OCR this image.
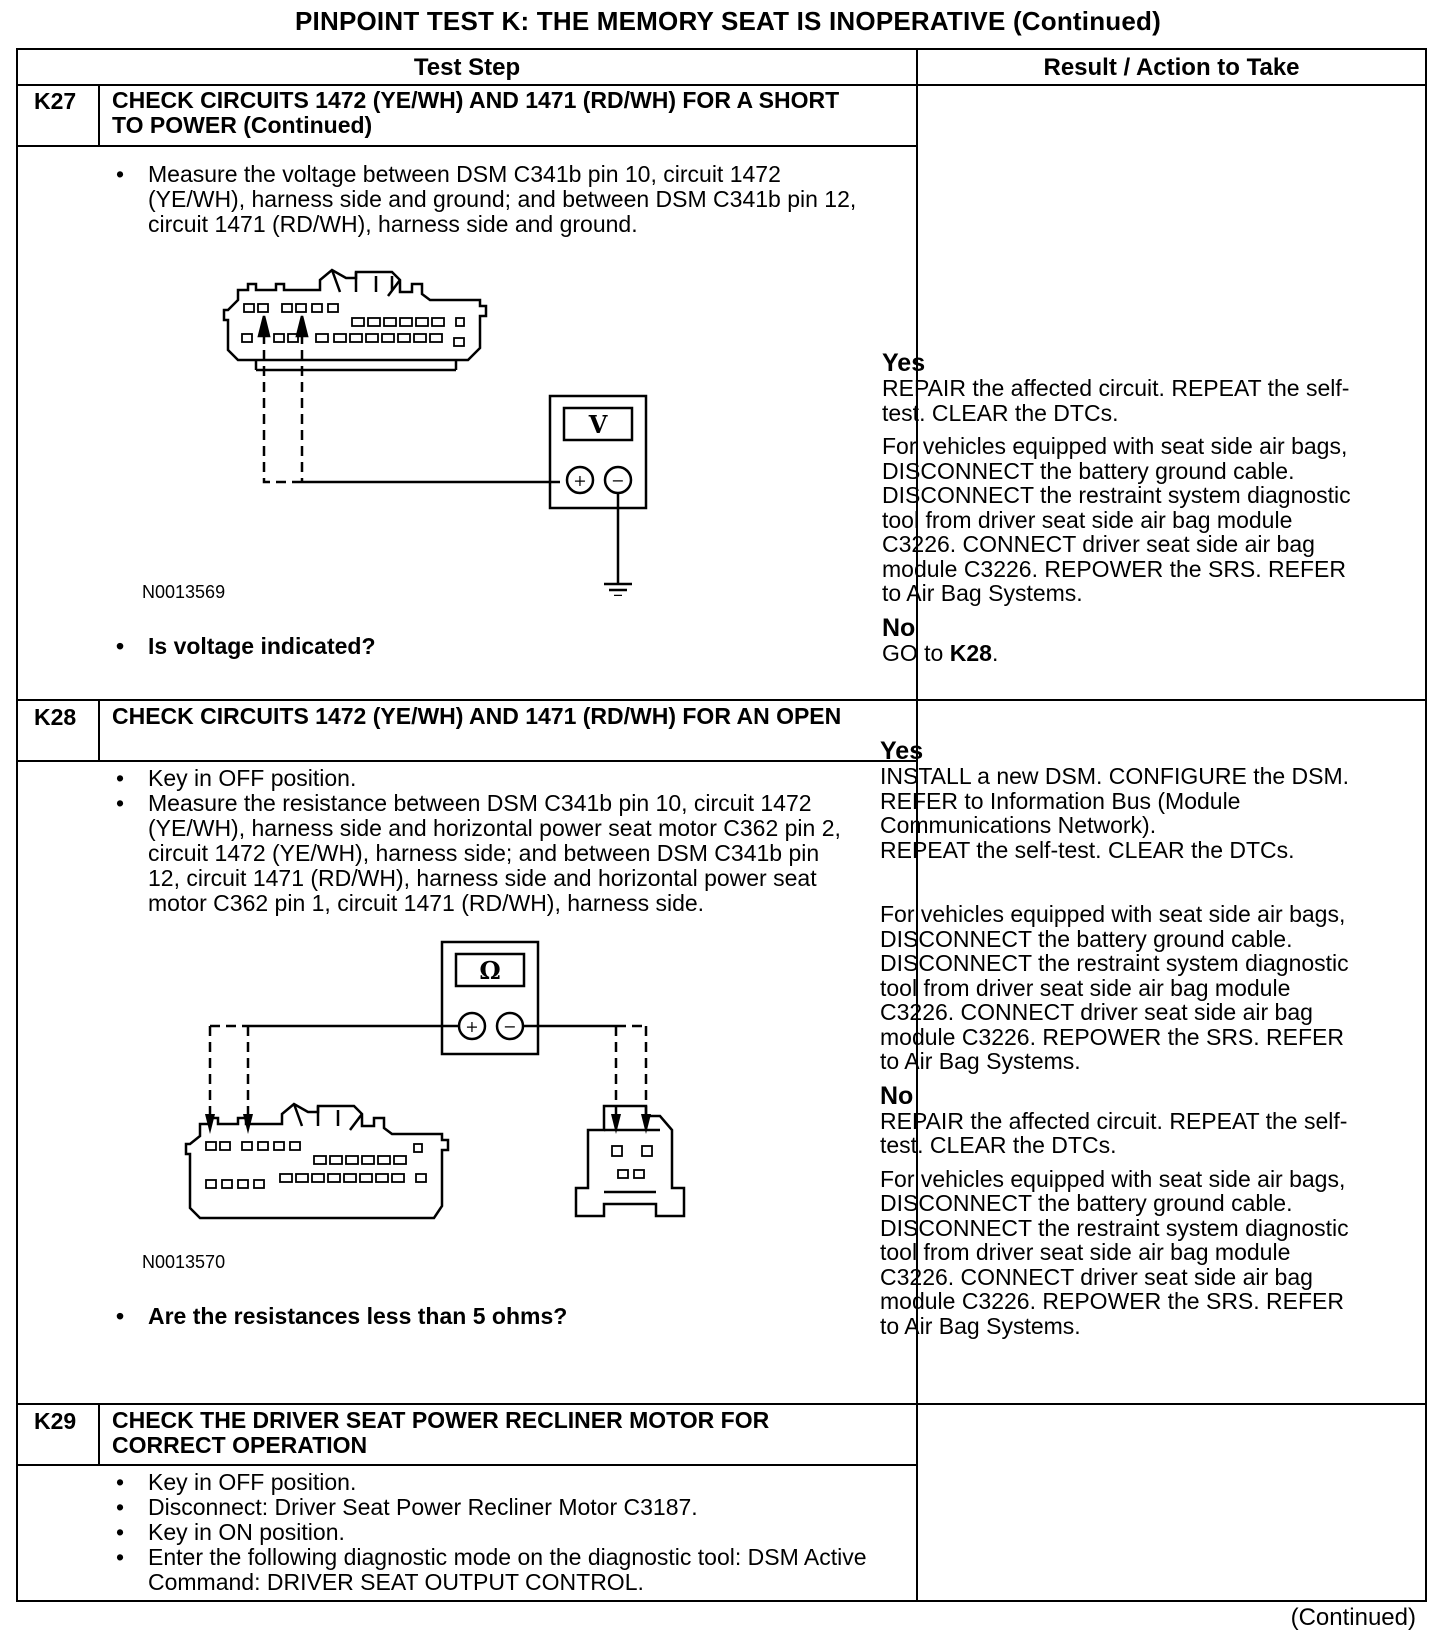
PINPOINT TEST K: THE MEMORY SEAT IS INOPERATIVE (Continued)
Test Step	Result / Action to Take
K27 CHECK CIRCUITS 1472 (YE/WH) AND 1471 (RD/WH) FOR A SHORT TO POWER (Continued)
• Measure the voltage between DSM C341b pin 10, circuit 1472 (YE/WH), harness side and ground; and between DSM C341b pin 12, circuit 1471 (RD/WH), harness side and ground.
V
+ −
N0013569
• Is voltage indicated?
Yes

REPAIR the affected circuit. REPEAT the self-test. CLEAR the DTCs.

For vehicles equipped with seat side air bags, DISCONNECT the battery ground cable. DISCONNECT the restraint system diagnostic tool from driver seat side air bag module C3226. CONNECT driver seat side air bag module C3226. REPOWER the SRS. REFER to Air Bag Systems.

No
GO to K28.
K28 CHECK CIRCUITS 1472 (YE/WH) AND 1471 (RD/WH) FOR AN OPEN
• Key in OFF position.
• Measure the resistance between DSM C341b pin 10, circuit 1472 (YE/WH), harness side and horizontal power seat motor C362 pin 2, circuit 1472 (YE/WH), harness side; and between DSM C341b pin 12, circuit 1471 (RD/WH), harness side and horizontal power seat motor C362 pin 1, circuit 1471 (RD/WH), harness side.
Ω
+ −
N0013570
• Are the resistances less than 5 ohms?
Yes
INSTALL a new DSM. CONFIGURE the DSM. REFER to Information Bus (Module Communications Network).

REPEAT the self-test. CLEAR the DTCs.

For vehicles equipped with seat side air bags, DISCONNECT the battery ground cable. DISCONNECT the restraint system diagnostic tool from driver seat side air bag module C3226. CONNECT driver seat side air bag module C3226. REPOWER the SRS. REFER to Air Bag Systems.

No

REPAIR the affected circuit. REPEAT the self-test. CLEAR the DTCs.

For vehicles equipped with seat side air bags, DISCONNECT the battery ground cable. DISCONNECT the restraint system diagnostic tool from driver seat side air bag module C3226. CONNECT driver seat side air bag module C3226. REPOWER the SRS. REFER to Air Bag Systems.

K29 CHECK THE DRIVER SEAT POWER RECLINER MOTOR FOR CORRECT OPERATION
• Key in OFF position.
• Disconnect: Driver Seat Power Recliner Motor C3187.
• Key in ON position.
• Enter the following diagnostic mode on the diagnostic tool: DSM Active Command: DRIVER SEAT OUTPUT CONTROL.
(Continued)
